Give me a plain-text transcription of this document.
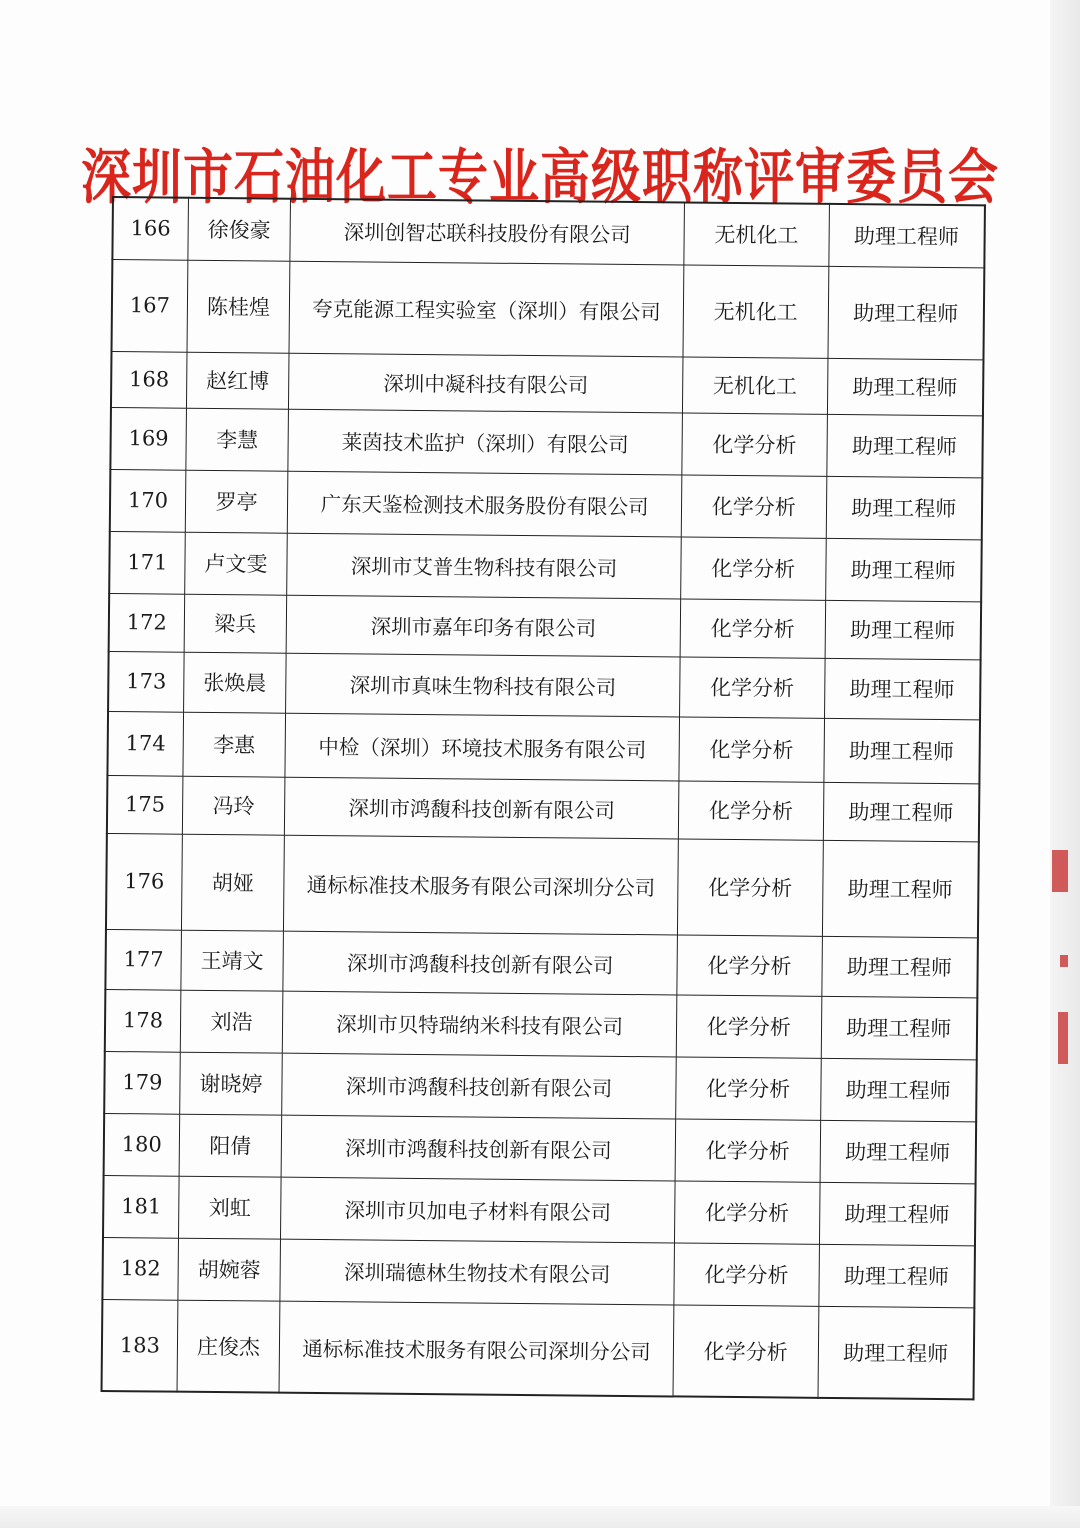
深圳市石油化工专业高级职称评审委员会
166	徐俊豪	深圳创智芯联科技股份有限公司	无机化工	助理工程师
167	陈桂煌	夸克能源工程实验室（深圳）有限公司	无机化工	助理工程师
168	赵红博	深圳中凝科技有限公司	无机化工	助理工程师
169	李慧	莱茵技术监护（深圳）有限公司	化学分析	助理工程师
170	罗亭	广东天鉴检测技术服务股份有限公司	化学分析	助理工程师
171	卢文雯	深圳市艾普生物科技有限公司	化学分析	助理工程师
172	梁兵	深圳市嘉年印务有限公司	化学分析	助理工程师
173	张焕晨	深圳市真味生物科技有限公司	化学分析	助理工程师
174	李惠	中检（深圳）环境技术服务有限公司	化学分析	助理工程师
175	冯玲	深圳市鸿馥科技创新有限公司	化学分析	助理工程师
176	胡娅	通标标准技术服务有限公司深圳分公司	化学分析	助理工程师
177	王靖文	深圳市鸿馥科技创新有限公司	化学分析	助理工程师
178	刘浩	深圳市贝特瑞纳米科技有限公司	化学分析	助理工程师
179	谢晓婷	深圳市鸿馥科技创新有限公司	化学分析	助理工程师
180	阳倩	深圳市鸿馥科技创新有限公司	化学分析	助理工程师
181	刘虹	深圳市贝加电子材料有限公司	化学分析	助理工程师
182	胡婉蓉	深圳瑞德林生物技术有限公司	化学分析	助理工程师
183	庄俊杰	通标标准技术服务有限公司深圳分公司	化学分析	助理工程师
